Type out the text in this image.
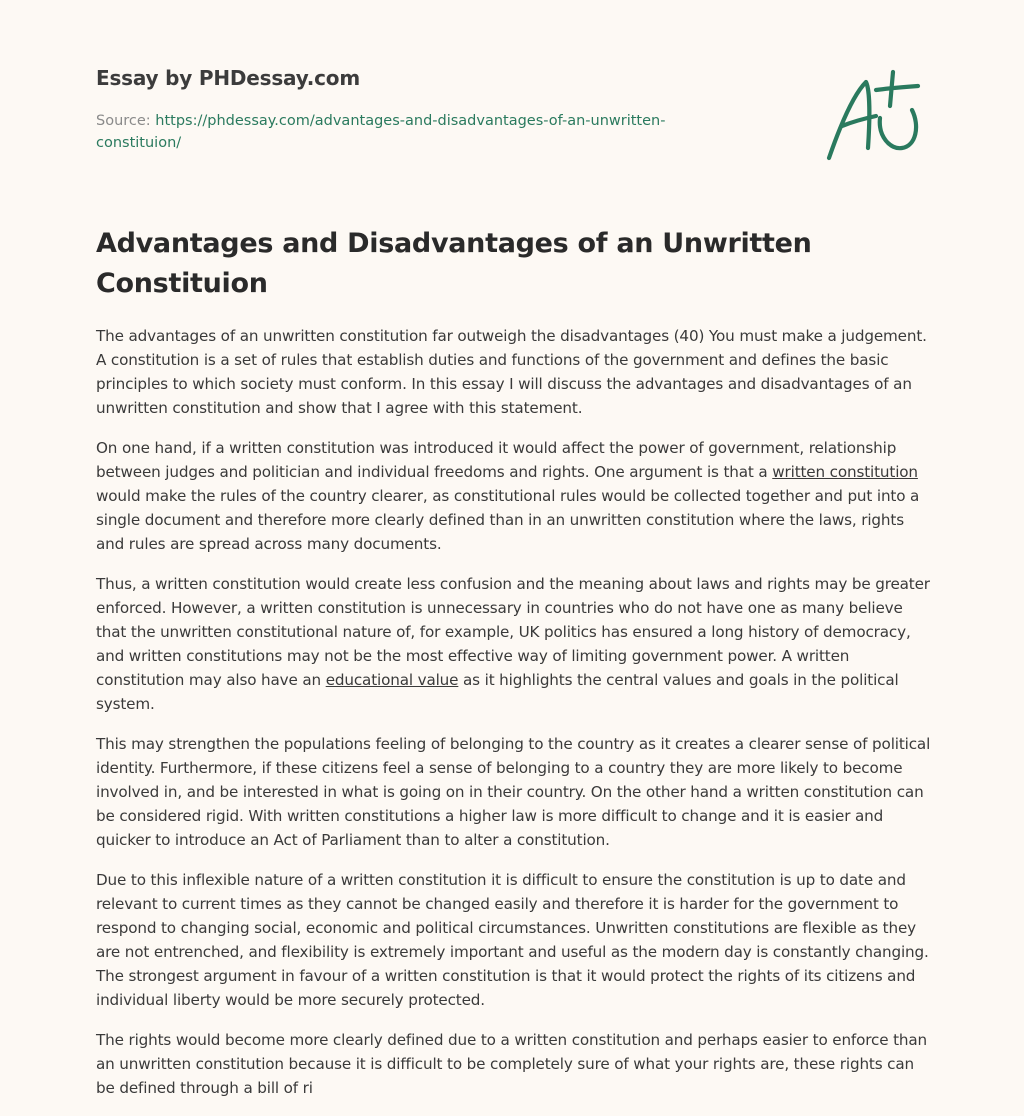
Essay by PHDessay.com
Source: https://phdessay.com/advantages-and-disadvantages-of-an-unwritten-constituion/
Advantages and Disadvantages of an Unwritten Constituion

The advantages of an unwritten constitution far outweigh the disadvantages (40) You must make a judgement. A constitution is a set of rules that establish duties and functions of the government and defines the basic principles to which society must conform. In this essay I will discuss the advantages and disadvantages of an unwritten constitution and show that I agree with this statement.

On one hand, if a written constitution was introduced it would affect the power of government, relationship between judges and politician and individual freedoms and rights. One argument is that a written constitution would make the rules of the country clearer, as constitutional rules would be collected together and put into a single document and therefore more clearly defined than in an unwritten constitution where the laws, rights and rules are spread across many documents.

Thus, a written constitution would create less confusion and the meaning about laws and rights may be greater enforced. However, a written constitution is unnecessary in countries who do not have one as many believe that the unwritten constitutional nature of, for example, UK politics has ensured a long history of democracy, and written constitutions may not be the most effective way of limiting government power. A written constitution may also have an educational value as it highlights the central values and goals in the political system.

This may strengthen the populations feeling of belonging to the country as it creates a clearer sense of political identity. Furthermore, if these citizens feel a sense of belonging to a country they are more likely to become involved in, and be interested in what is going on in their country. On the other hand a written constitution can be considered rigid. With written constitutions a higher law is more difficult to change and it is easier and quicker to introduce an Act of Parliament than to alter a constitution.

Due to this inflexible nature of a written constitution it is difficult to ensure the constitution is up to date and relevant to current times as they cannot be changed easily and therefore it is harder for the government to respond to changing social, economic and political circumstances. Unwritten constitutions are flexible as they are not entrenched, and flexibility is extremely important and useful as the modern day is constantly changing. The strongest argument in favour of a written constitution is that it would protect the rights of its citizens and individual liberty would be more securely protected.

The rights would become more clearly defined due to a written constitution and perhaps easier to enforce than an unwritten constitution because it is difficult to be completely sure of what your rights are, these rights can be defined through a bill of ri
